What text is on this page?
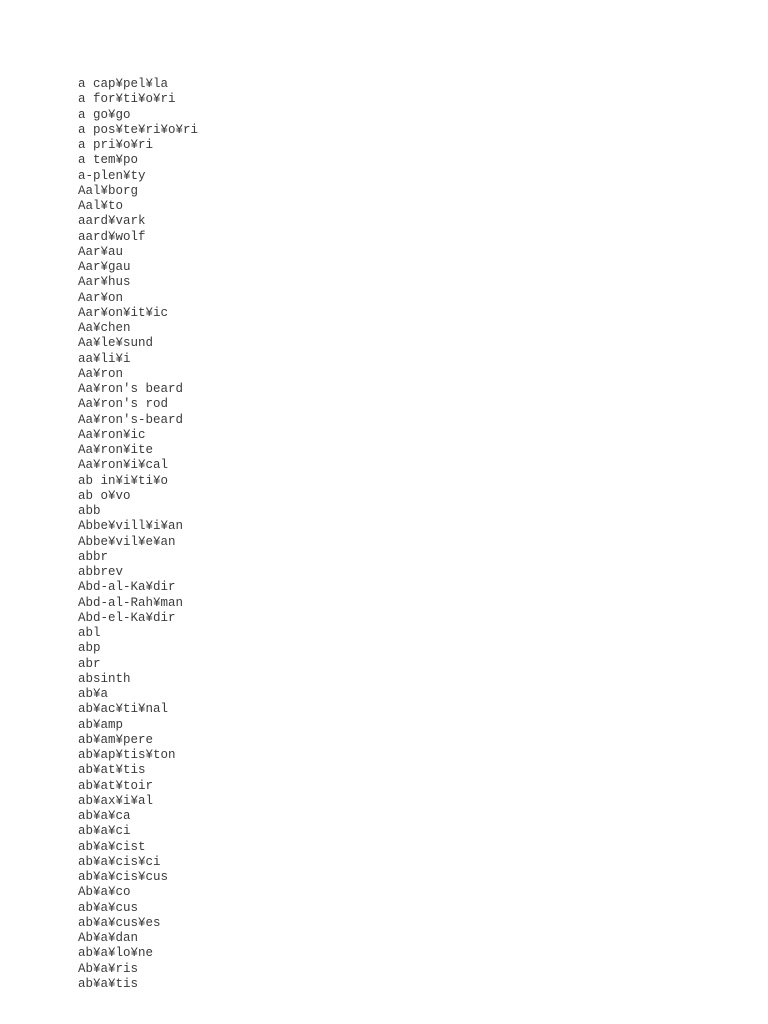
a cap¥pel¥la
a for¥ti¥o¥ri
a go¥go
a pos¥te¥ri¥o¥ri
a pri¥o¥ri
a tem¥po
a-plen¥ty
Aal¥borg
Aal¥to
aard¥vark
aard¥wolf
Aar¥au
Aar¥gau
Aar¥hus
Aar¥on
Aar¥on¥it¥ic
Aa¥chen
Aa¥le¥sund
aa¥li¥i
Aa¥ron
Aa¥ron's beard
Aa¥ron's rod
Aa¥ron's-beard
Aa¥ron¥ic
Aa¥ron¥ite
Aa¥ron¥i¥cal
ab in¥i¥ti¥o
ab o¥vo
abb
Abbe¥vill¥i¥an
Abbe¥vil¥e¥an
abbr
abbrev
Abd-al-Ka¥dir
Abd-al-Rah¥man
Abd-el-Ka¥dir
abl
abp
abr
absinth
ab¥a
ab¥ac¥ti¥nal
ab¥amp
ab¥am¥pere
ab¥ap¥tis¥ton
ab¥at¥tis
ab¥at¥toir
ab¥ax¥i¥al
ab¥a¥ca
ab¥a¥ci
ab¥a¥cist
ab¥a¥cis¥ci
ab¥a¥cis¥cus
Ab¥a¥co
ab¥a¥cus
ab¥a¥cus¥es
Ab¥a¥dan
ab¥a¥lo¥ne
Ab¥a¥ris
ab¥a¥tis
